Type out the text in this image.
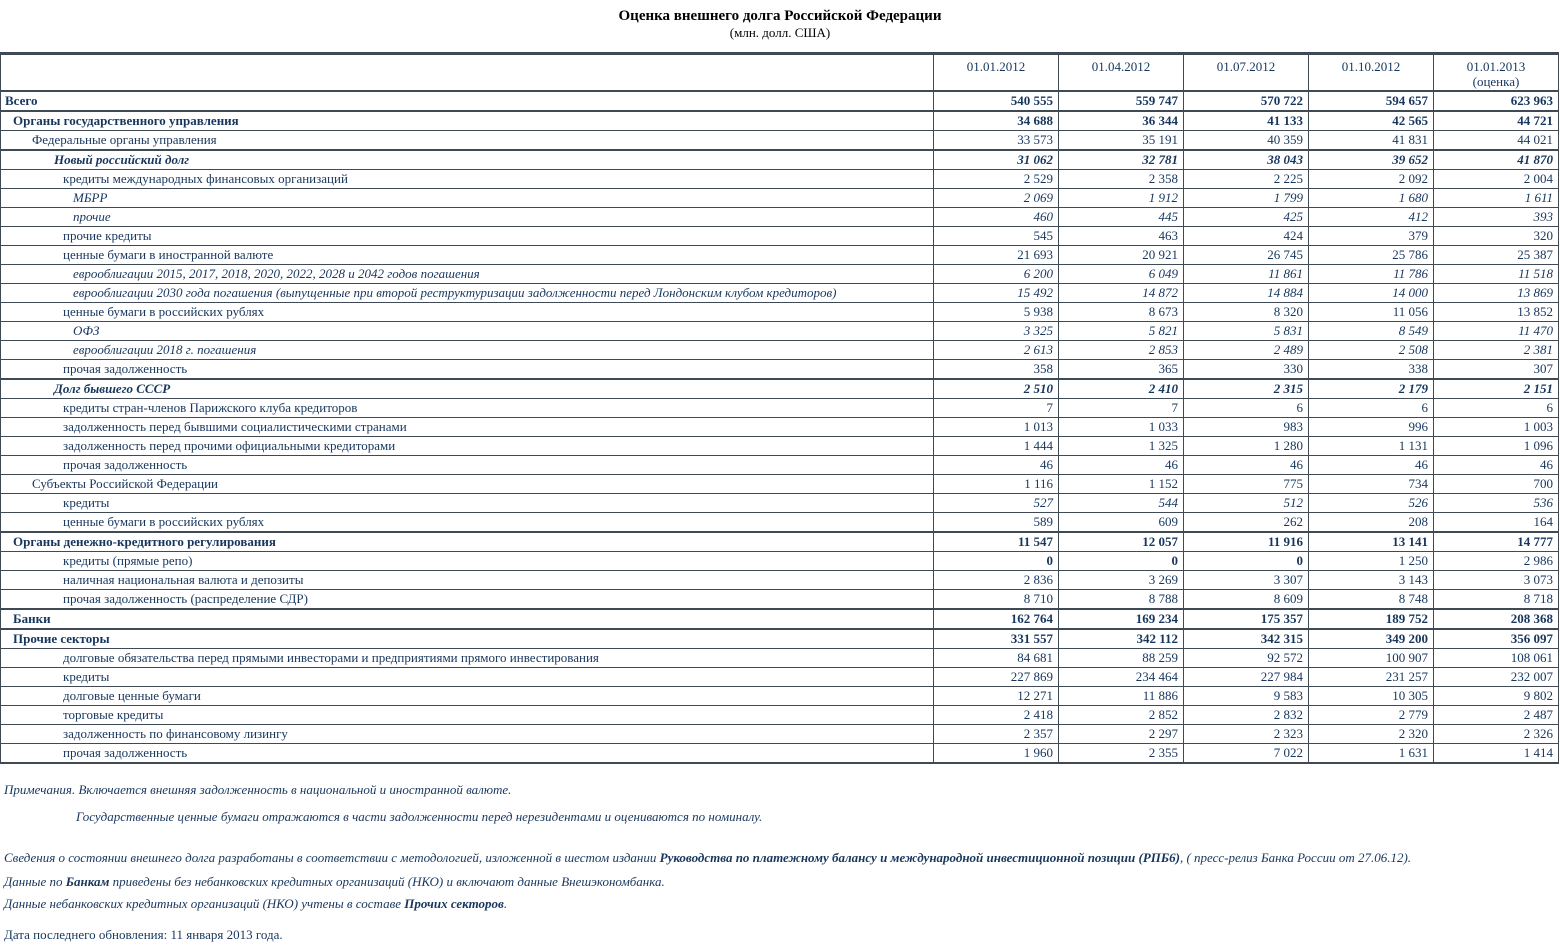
Оценка внешнего долга Российской Федерации
(млн. долл. США)

	01.01.2012	01.04.2012	01.07.2012	01.10.2012	01.01.2013
(оценка)

Всего	540 555	559 747	570 722	594 657	623 963
Органы государственного управления	34 688	36 344	41 133	42 565	44 721
Федеральные органы управления	33 573	35 191	40 359	41 831	44 021
Новый российский долг	31 062	32 781	38 043	39 652	41 870
кредиты международных финансовых организаций	2 529	2 358	2 225	2 092	2 004
МБРР	2 069	1 912	1 799	1 680	1 611
прочие	460	445	425	412	393
прочие кредиты	545	463	424	379	320
ценные бумаги в иностранной валюте	21 693	20 921	26 745	25 786	25 387
еврооблигации 2015, 2017, 2018, 2020, 2022, 2028 и 2042 годов погашения	6 200	6 049	11 861	11 786	11 518
еврооблигации 2030 года погашения (выпущенные при второй реструктуризации задолженности перед Лондонским клубом кредиторов)	15 492	14 872	14 884	14 000	13 869
ценные бумаги в российских рублях	5 938	8 673	8 320	11 056	13 852
ОФЗ	3 325	5 821	5 831	8 549	11 470
еврооблигации 2018 г. погашения	2 613	2 853	2 489	2 508	2 381
прочая задолженность	358	365	330	338	307
Долг бывшего СССР	2 510	2 410	2 315	2 179	2 151
кредиты стран-членов Парижского клуба кредиторов	7	7	6	6	6
задолженность перед бывшими социалистическими странами	1 013	1 033	983	996	1 003
задолженность перед прочими официальными кредиторами	1 444	1 325	1 280	1 131	1 096
прочая задолженность	46	46	46	46	46
Субъекты Российской Федерации	1 116	1 152	775	734	700
кредиты	527	544	512	526	536
ценные бумаги в российских рублях	589	609	262	208	164
Органы денежно-кредитного регулирования	11 547	12 057	11 916	13 141	14 777
кредиты (прямые репо)	0	0	0	1 250	2 986
наличная национальная валюта и депозиты	2 836	3 269	3 307	3 143	3 073
прочая задолженность (распределение СДР)	8 710	8 788	8 609	8 748	8 718
Банки	162 764	169 234	175 357	189 752	208 368
Прочие секторы	331 557	342 112	342 315	349 200	356 097
долговые обязательства перед прямыми инвесторами и предприятиями прямого инвестирования	84 681	88 259	92 572	100 907	108 061
кредиты	227 869	234 464	227 984	231 257	232 007
долговые ценные бумаги	12 271	11 886	9 583	10 305	9 802
торговые кредиты	2 418	2 852	2 832	2 779	2 487
задолженность по финансовому лизингу	2 357	2 297	2 323	2 320	2 326
прочая задолженность	1 960	2 355	7 022	1 631	1 414
Примечания. Включается внешняя задолженность в национальной и иностранной валюте.
Государственные ценные бумаги отражаются в части задолженности перед нерезидентами и оцениваются по номиналу.
Сведения о состоянии внешнего долга разработаны в соответствии с методологией, изложенной в шестом издании Руководства по платежному балансу и международной инвестиционной позиции (РПБ6), ( пресс-релиз Банка России от 27.06.12).
Данные по Банкам приведены без небанковских кредитных организаций (НКО) и включают данные Внешэкономбанка.
Данные небанковских кредитных организаций (НКО) учтены в составе Прочих секторов.
Дата последнего обновления: 11 января 2013 года.
